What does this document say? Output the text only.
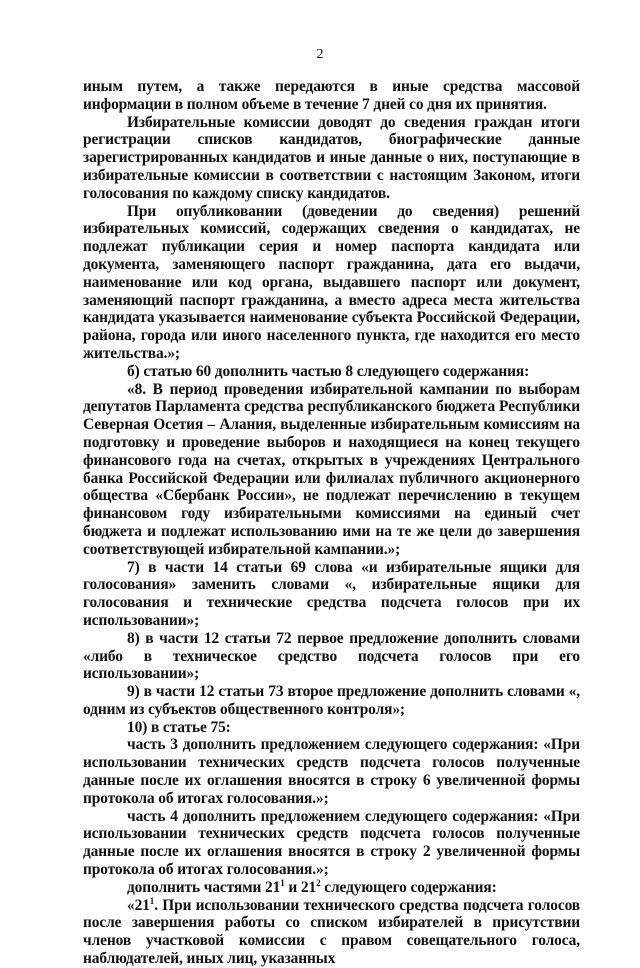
2

иным путем, а также передаются в иные средства массовой информации в полном объеме в течение 7 дней со дня их принятия.

Избирательные комиссии доводят до сведения граждан итоги регистрации списков кандидатов, биографические данные зарегистрированных кандидатов и иные данные о них, поступающие в избирательные комиссии в соответствии с настоящим Законом, итоги голосования по каждому списку кандидатов.

При опубликовании (доведении до сведения) решений избирательных комиссий, содержащих сведения о кандидатах, не подлежат публикации серия и номер паспорта кандидата или документа, заменяющего паспорт гражданина, дата его выдачи, наименование или код органа, выдавшего паспорт или документ, заменяющий паспорт гражданина, а вместо адреса места жительства кандидата указывается наименование субъекта Российской Федерации, района, города или иного населенного пункта, где находится его место жительства.»;

б) статью 60 дополнить частью 8 следующего содержания:

«8. В период проведения избирательной кампании по выборам депутатов Парламента средства республиканского бюджета Республики Северная Осетия – Алания, выделенные избирательным комиссиям на подготовку и проведение выборов и находящиеся на конец текущего финансового года на счетах, открытых в учреждениях Центрального банка Российской Федерации или филиалах публичного акционерного общества «Сбербанк России», не подлежат перечислению в текущем финансовом году избирательными комиссиями на единый счет бюджета и подлежат использованию ими на те же цели до завершения соответствующей избирательной кампании.»;

7) в части 14 статьи 69 слова «и избирательные ящики для голосования» заменить словами «, избирательные ящики для голосования и технические средства подсчета голосов при их использовании»;

8) в части 12 статьи 72 первое предложение дополнить словами «либо в техническое средство подсчета голосов при его использовании»;

9) в части 12 статьи 73 второе предложение дополнить словами «, одним из субъектов общественного контроля»;

10) в статье 75:

часть 3 дополнить предложением следующего содержания: «При использовании технических средств подсчета голосов полученные данные после их оглашения вносятся в строку 6 увеличенной формы протокола об итогах голосования.»;

часть 4 дополнить предложением следующего содержания: «При использовании технических средств подсчета голосов полученные данные после их оглашения вносятся в строку 2 увеличенной формы протокола об итогах голосования.»;

дополнить частями $21^1$ и $21^2$ следующего содержания:

«$21^1$. При использовании технического средства подсчета голосов после завершения работы со списком избирателей в присутствии членов участковой комиссии с правом совещательного голоса, наблюдателей, иных лиц, указанных
